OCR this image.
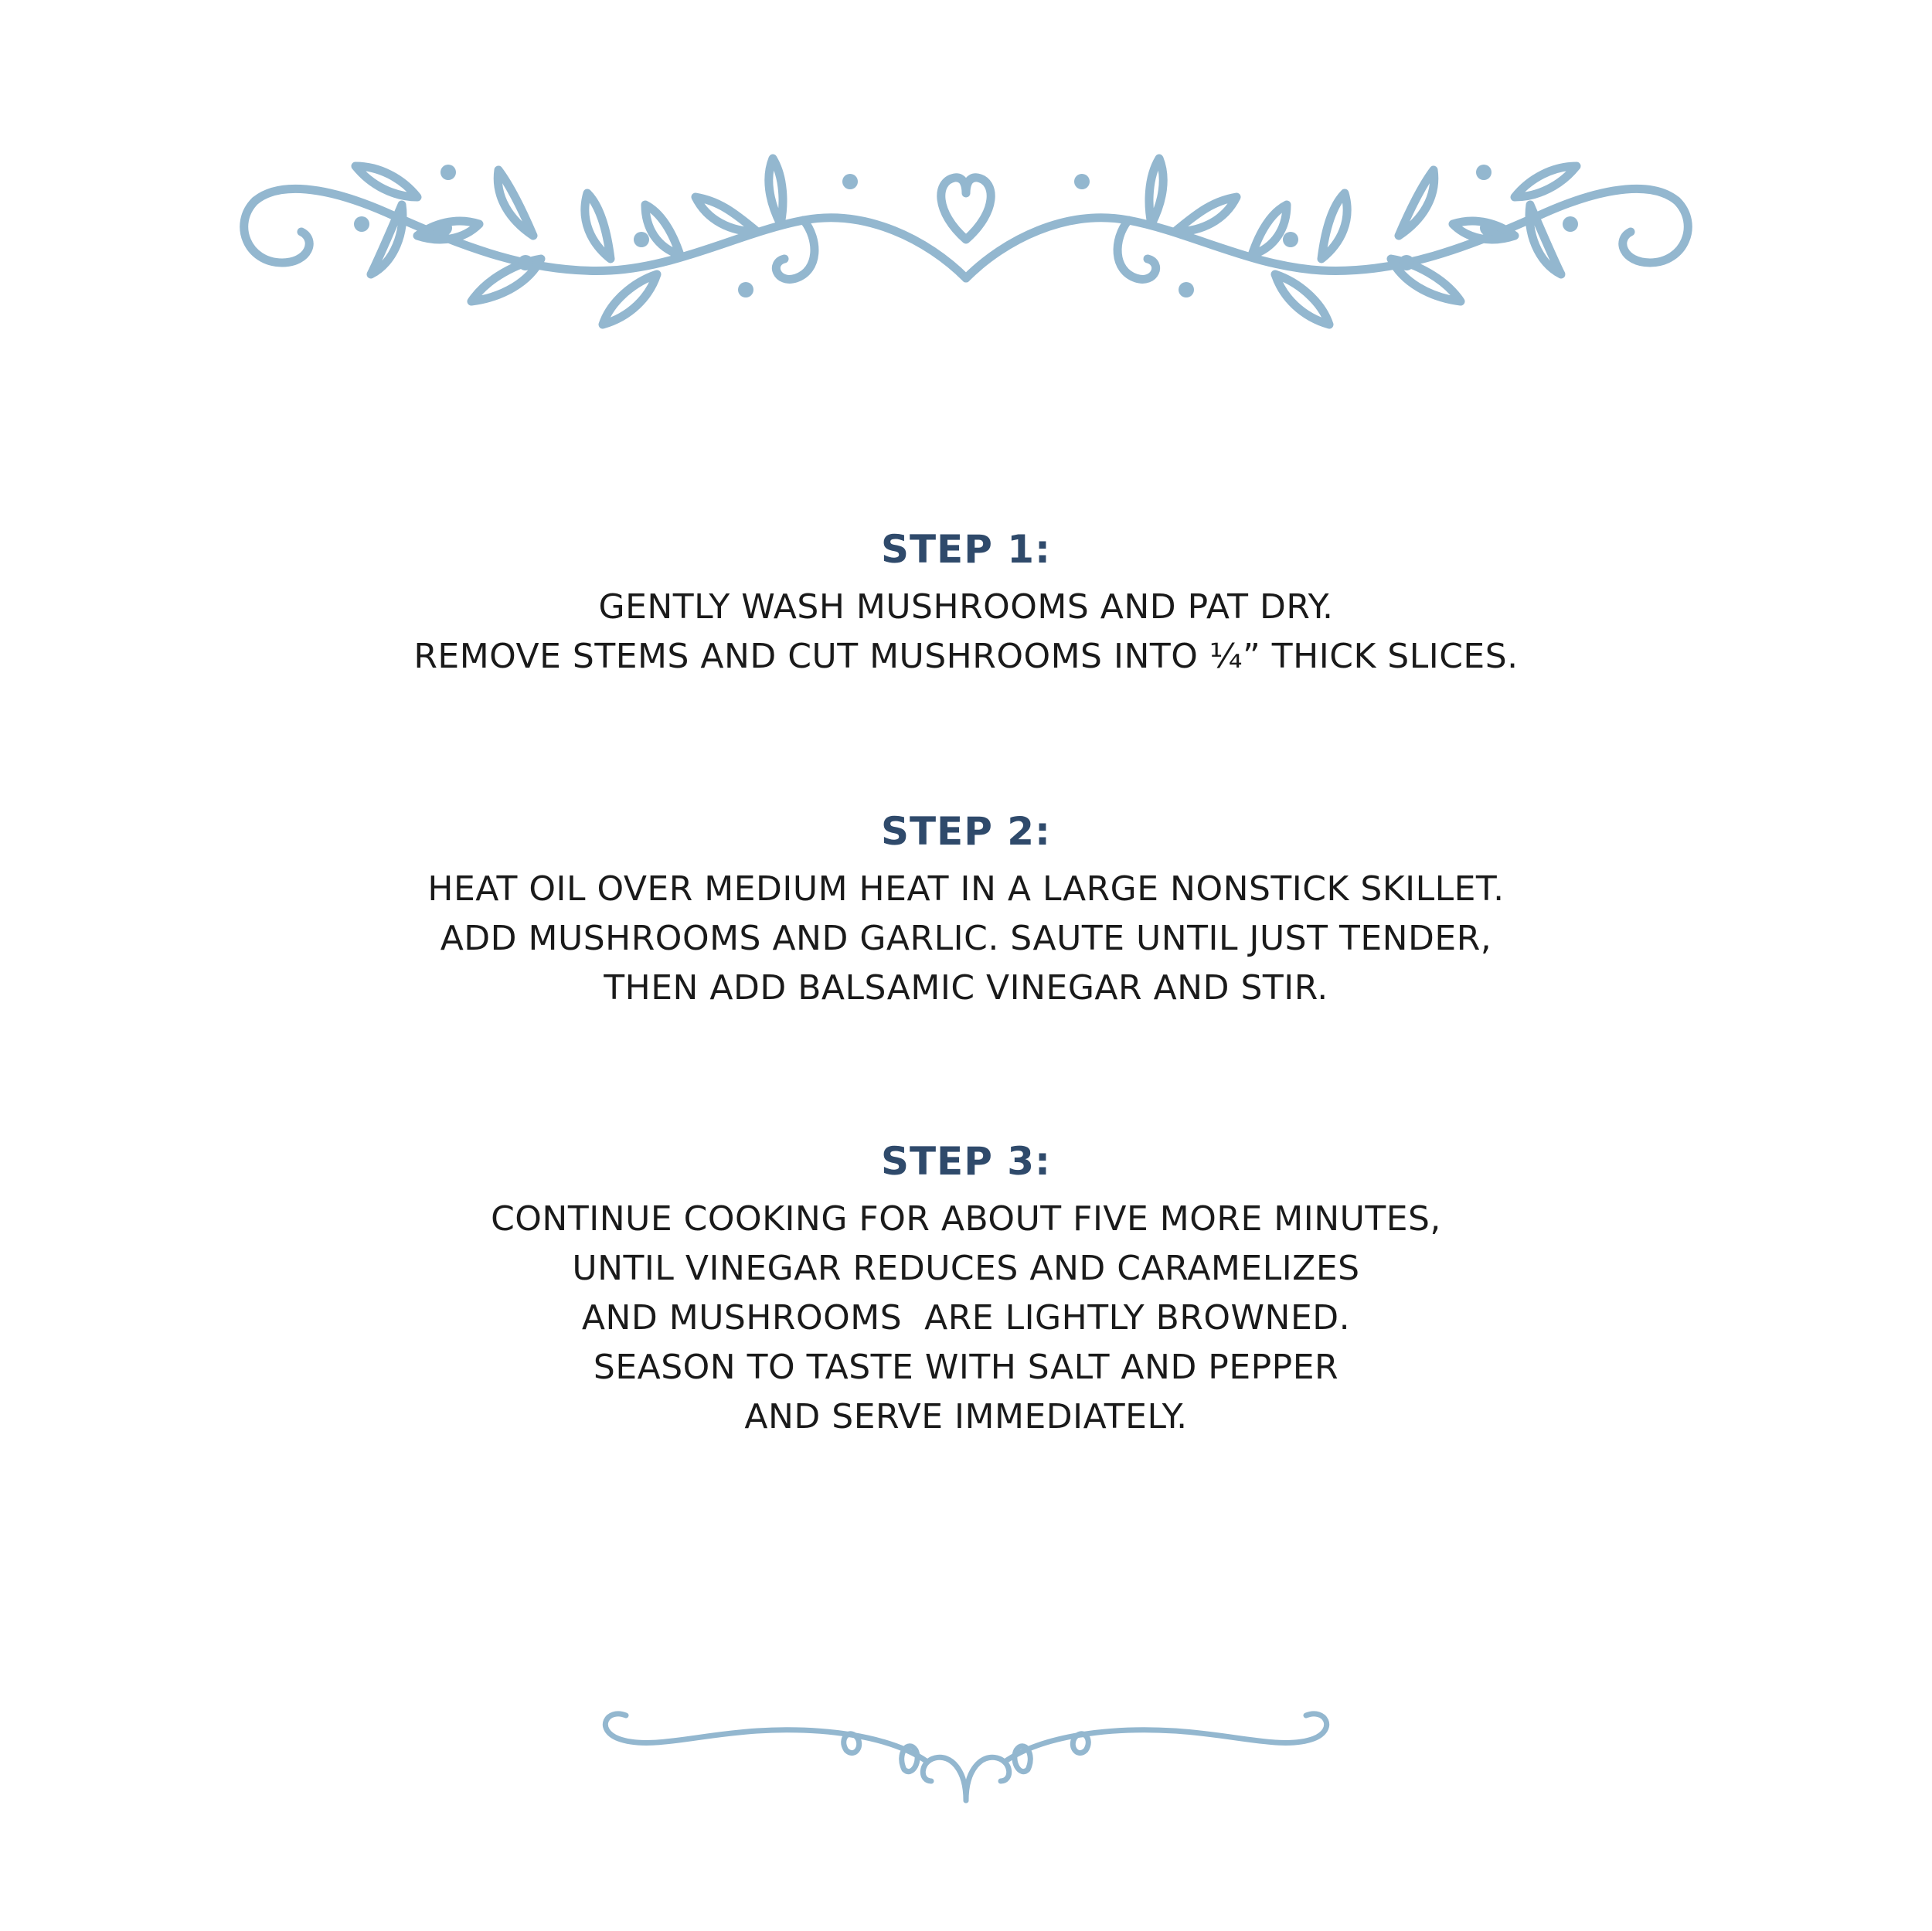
STEP 1:
GENTLY WASH MUSHROOMS AND PAT DRY.
REMOVE STEMS AND CUT MUSHROOMS INTO ¼” THICK SLICES.
STEP 2:
HEAT OIL OVER MEDIUM HEAT IN A LARGE NONSTICK SKILLET.
ADD MUSHROOMS AND GARLIC. SAUTE UNTIL JUST TENDER,
THEN ADD BALSAMIC VINEGAR AND STIR.
STEP 3:
CONTINUE COOKING FOR ABOUT FIVE MORE MINUTES,
UNTIL VINEGAR REDUCES AND CARAMELIZES
AND MUSHROOMS  ARE LIGHTLY BROWNED.
SEASON TO TASTE WITH SALT AND PEPPER
AND SERVE IMMEDIATELY.
